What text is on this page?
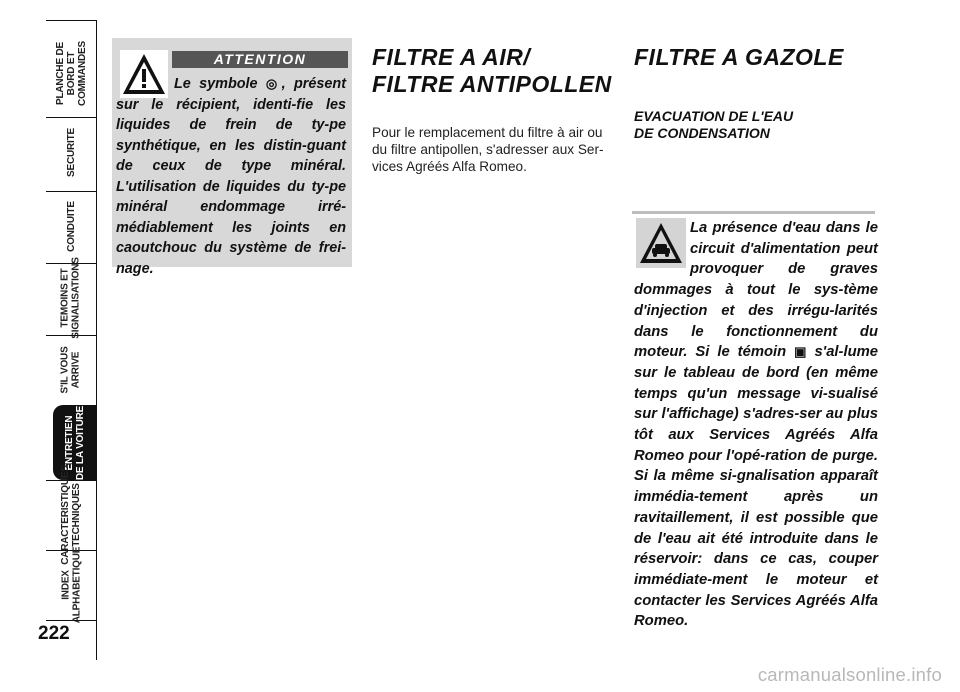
PLANCHE DE
BORD ET
COMMANDES
SECURITE
CONDUITE
TEMOINS ET
SIGNALISATIONS
S'IL VOUS
ARRIVE
ENTRETIEN
DE LA VOITURE
CARACTERISTIQUES
TECHNIQUES
INDEX
ALPHABETIQUE
222
ATTENTION

Le symbole ◎, présent sur le récipient, identi-fie les liquides de frein de ty-pe synthétique, en les distin-guant de ceux de type minéral. L'utilisation de liquides du ty-pe minéral endommage irré-médiablement les joints en caoutchouc du système de frei-nage.

FILTRE A AIR/
FILTRE ANTIPOLLEN

Pour le remplacement du filtre à air ou du filtre antipollen, s'adresser aux Ser-vices Agréés Alfa Romeo.

FILTRE A GAZOLE
EVACUATION DE L'EAU
DE CONDENSATION

La présence d'eau dans le circuit d'alimentation peut provoquer de graves dommages à tout le sys-tème d'injection et des irrégu-larités dans le fonctionnement du moteur. Si le témoin ▣ s'al-lume sur le tableau de bord (en même temps qu'un message vi-sualisé sur l'affichage) s'adres-ser au plus tôt aux Services Agréés Alfa Romeo pour l'opé-ration de purge. Si la même si-gnalisation apparaît immédia-tement après un ravitaillement, il est possible que de l'eau ait été introduite dans le réservoir: dans ce cas, couper immédiate-ment le moteur et contacter les Services Agréés Alfa Romeo.

carmanualsonline.info
